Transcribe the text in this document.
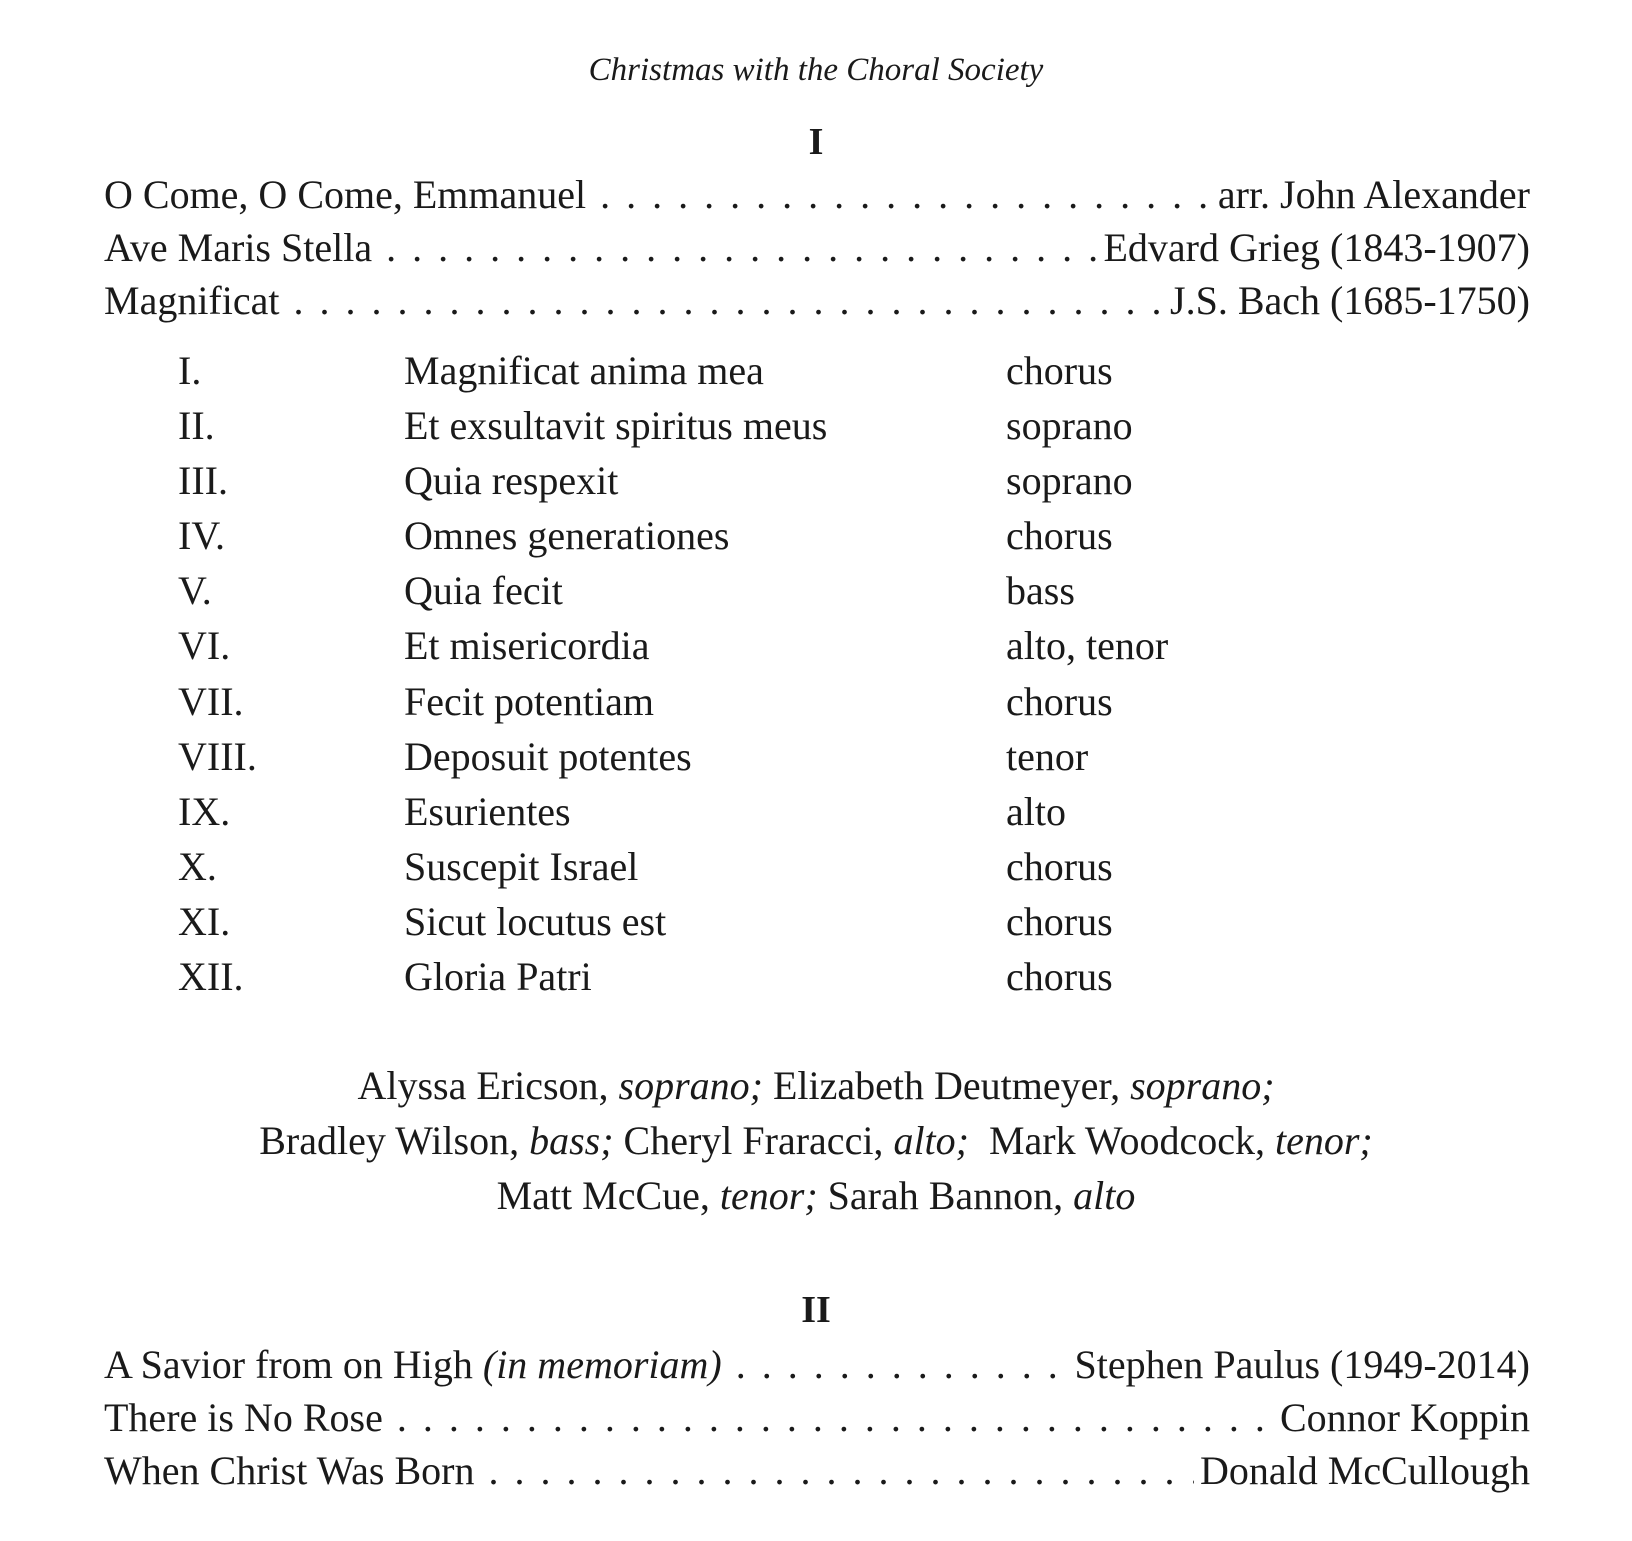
Christmas with the Choral Society
I
O Come, O Come, Emmanuel . . .	arr. John Alexander
Ave Maris Stella . . .	Edvard Grieg (1843-1907)
Magnificat . . .	J.S. Bach (1685-1750)
I.	Magnificat anima mea	chorus
II.	Et exsultavit spiritus meus	soprano
III.	Quia respexit	soprano
IV.	Omnes generationes	chorus
V.	Quia fecit	bass
VI.	Et misericordia	alto, tenor
VII.	Fecit potentiam	chorus
VIII.	Deposuit potentes	tenor
IX.	Esurientes	alto
X.	Suscepit Israel	chorus
XI.	Sicut locutus est	chorus
XII.	Gloria Patri	chorus
Alyssa Ericson, soprano; Elizabeth Deutmeyer, soprano;
Bradley Wilson, bass; Cheryl Fraracci, alto; Mark Woodcock, tenor;
Matt McCue, tenor; Sarah Bannon, alto
II
A Savior from on High (in memoriam) . . .	Stephen Paulus (1949-2014)
There is No Rose . . .	Connor Koppin
When Christ Was Born . . .	Donald McCullough
